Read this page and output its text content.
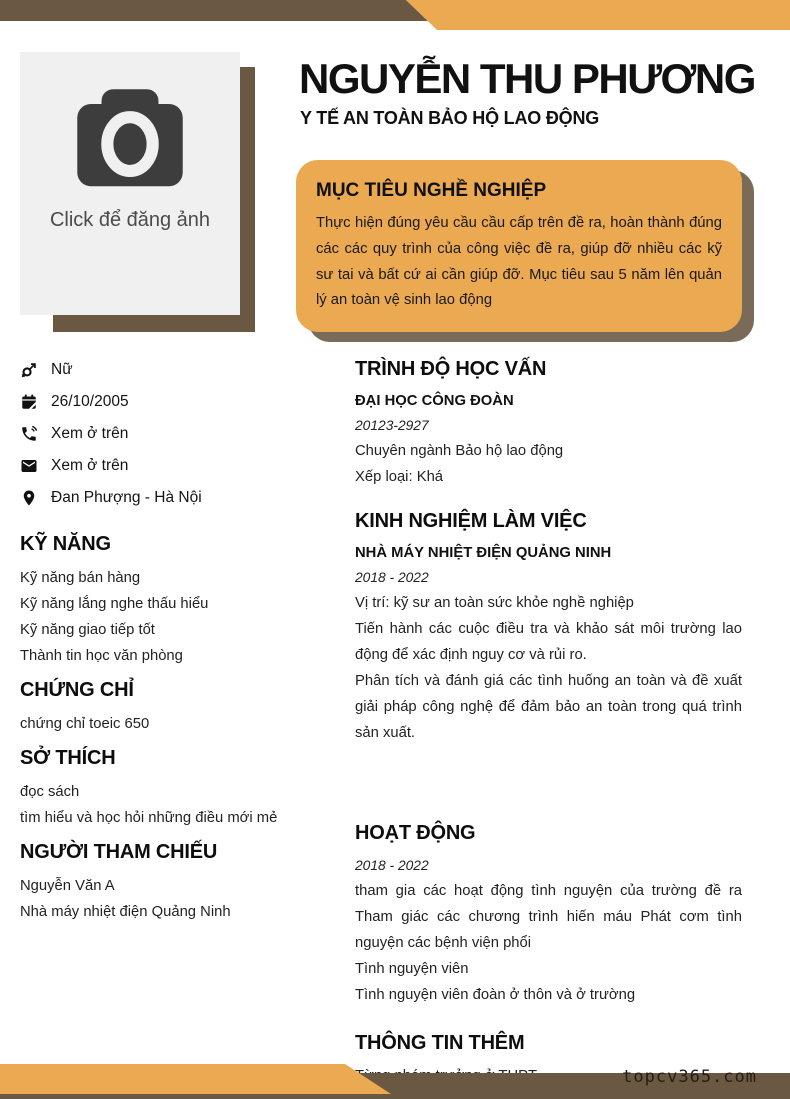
Click để đăng ảnh
NGUYỄN THU PHƯƠNG
Y TẾ AN TOÀN BẢO HỘ LAO ĐỘNG
MỤC TIÊU NGHỀ NGHIỆP

Thực hiện đúng yêu cầu cầu cấp trên đề ra, hoàn thành đúng các các quy trình của công việc đề ra, giúp đỡ nhiều các kỹ sư tai và bất cứ ai cần giúp đỡ. Mục tiêu sau 5 năm lên quản lý an toàn vệ sinh lao động

Nữ
26/10/2005
Xem ở trên
Xem ở trên
Đan Phượng - Hà Nội
KỸ NĂNG
Kỹ năng bán hàng
Kỹ năng lắng nghe thấu hiểu
Kỹ năng giao tiếp tốt
Thành tin học văn phòng
CHỨNG CHỈ
chứng chỉ toeic 650
SỞ THÍCH
đọc sách
tìm hiểu và học hỏi những điều mới mẻ
NGƯỜI THAM CHIẾU
Nguyễn Văn A
Nhà máy nhiệt điện Quảng Ninh
TRÌNH ĐỘ HỌC VẤN
ĐẠI HỌC CÔNG ĐOÀN
20123-2927

Chuyên ngành Bảo hộ lao động

Xếp loại: Khá

KINH NGHIỆM LÀM VIỆC
NHÀ MÁY NHIỆT ĐIỆN QUẢNG NINH
2018 - 2022

Vị trí: kỹ sư an toàn sức khỏe nghề nghiệp

Tiến hành các cuộc điều tra và khảo sát môi trường lao động để xác định nguy cơ và rủi ro.

Phân tích và đánh giá các tình huống an toàn và đề xuất giải pháp công nghệ để đảm bảo an toàn trong quá trình sản xuất.

HOẠT ĐỘNG
2018 - 2022

tham gia các hoạt động tình nguyện của trường đề ra Tham giác các chương trình hiến máu Phát cơm tình nguyện các bệnh viện phổi

Tình nguyện viên

Tình nguyện viên đoàn ở thôn và ở trường

THÔNG TIN THÊM

topcv365.com
